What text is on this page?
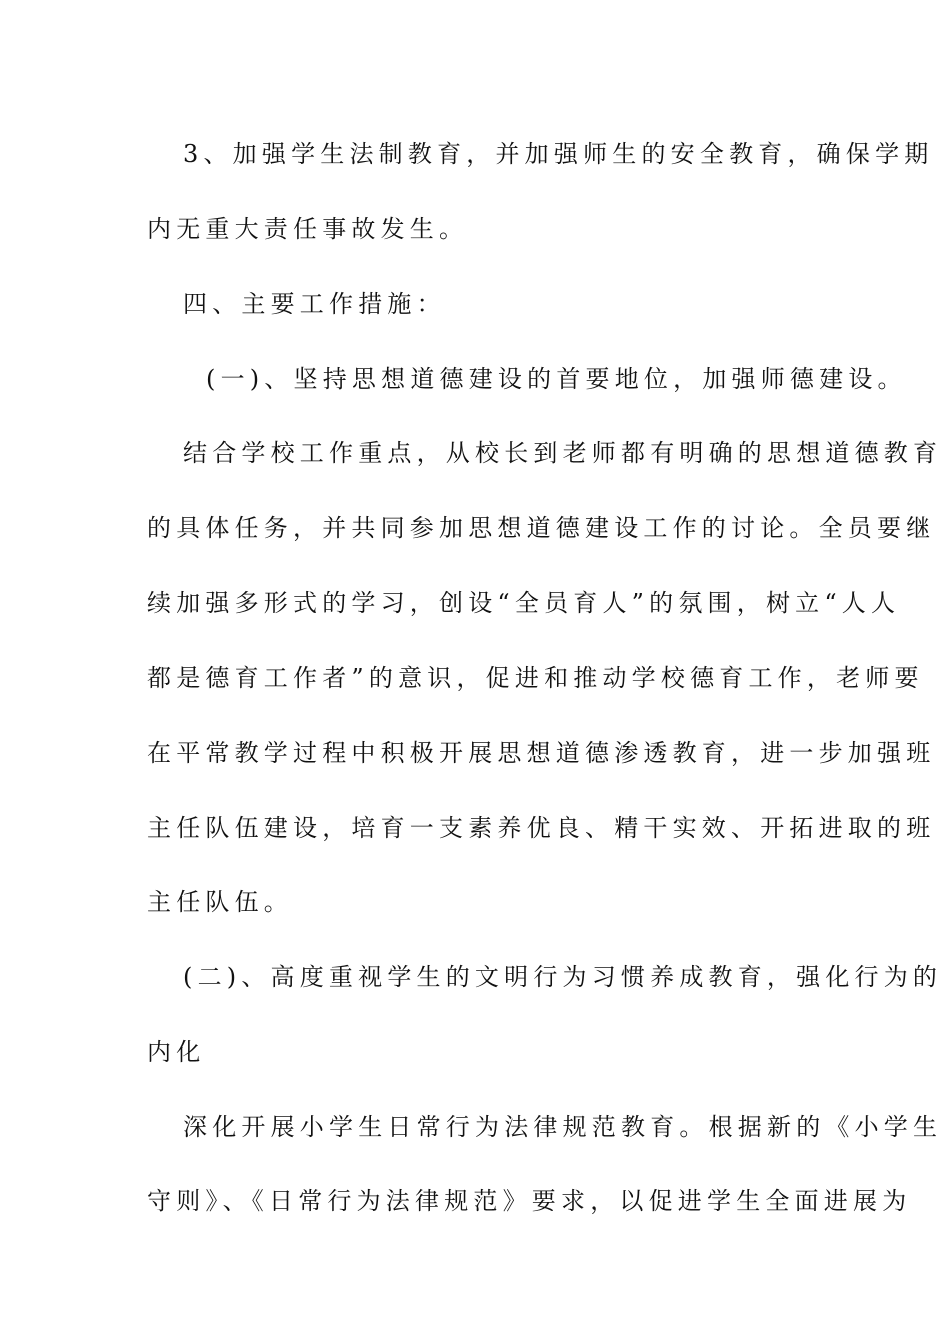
3、加强学生法制教育，并加强师生的安全教育，确保学期
内无重大责任事故发生。
四、主要工作措施：
(一)、坚持思想道德建设的首要地位，加强师德建设。
结合学校工作重点，从校长到老师都有明确的思想道德教育
的具体任务，并共同参加思想道德建设工作的讨论。全员要继
续加强多形式的学习，创设“全员育人”的氛围，树立“人人
都是德育工作者”的意识，促进和推动学校德育工作，老师要
在平常教学过程中积极开展思想道德渗透教育，进一步加强班
主任队伍建设，培育一支素养优良、精干实效、开拓进取的班
主任队伍。
(二)、高度重视学生的文明行为习惯养成教育，强化行为的
内化
深化开展小学生日常行为法律规范教育。根据新的《小学生
守则》、《日常行为法律规范》要求，以促进学生全面进展为
